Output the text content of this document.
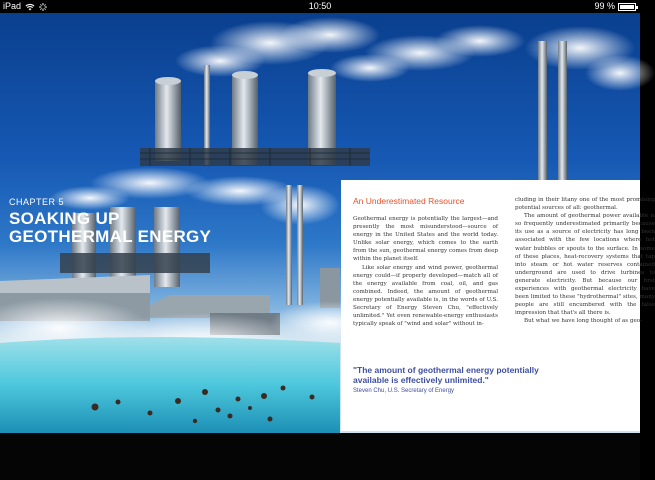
iPad	10:50	99 %
CHAPTER 5
SOAKING UP
GEOTHERMAL ENERGY
An Underestimated Resource

Geothermal energy is potentially the largest—and presently the most misunderstood—source of energy in the United States and the world today. Unlike solar energy, which comes to the earth from the sun, geothermal energy comes from deep within the planet itself.

Like solar energy and wind power, geothermal energy could—if properly developed—match all of the energy available from coal, oil, and gas combined. Indeed, the amount of geothermal energy potentially available is, in the words of U.S. Secretary of Energy Steven Chu, "effectively unlimited." Yet even renewable-energy enthusiasts typically speak of "wind and solar" without in-

cluding in their litany one of the most promising potential sources of all: geothermal.

The amount of geothermal power available is so frequently underestimated primarily because its use as a source of electricity has long been associated with the few locations where hot water bubbles or spouts to the surface. In some of these places, heat-recovery systems that tap into steam or hot water reserves contained underground are used to drive turbines to generate electricity. But because our first experiences with geothermal electricity have been limited to these "hydrothermal" sites, many people are still encumbered with the false impression that that's all there is.

But what we have long thought of as geo-

"The amount of geothermal energy potentially available is effectively unlimited."
Steven Chu, U.S. Secretary of Energy
